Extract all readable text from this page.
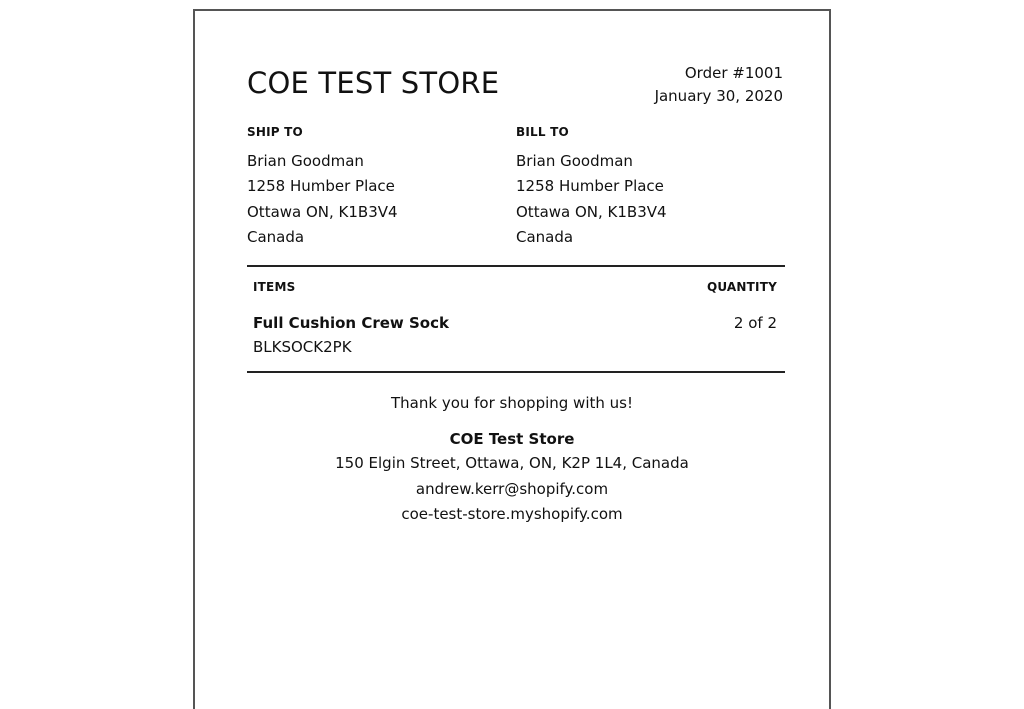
COE TEST STORE	Order #1001
January 30, 2020
SHIP TO
Brian Goodman
1258 Humber Place
Ottawa ON, K1B3V4
Canada
BILL TO
Brian Goodman
1258 Humber Place
Ottawa ON, K1B3V4
Canada
ITEMS	QUANTITY
Full Cushion Crew Sock
BLKSOCK2PK
2 of 2
Thank you for shopping with us!
COE Test Store
150 Elgin Street, Ottawa, ON, K2P 1L4, Canada
andrew.kerr@shopify.com
coe-test-store.myshopify.com
